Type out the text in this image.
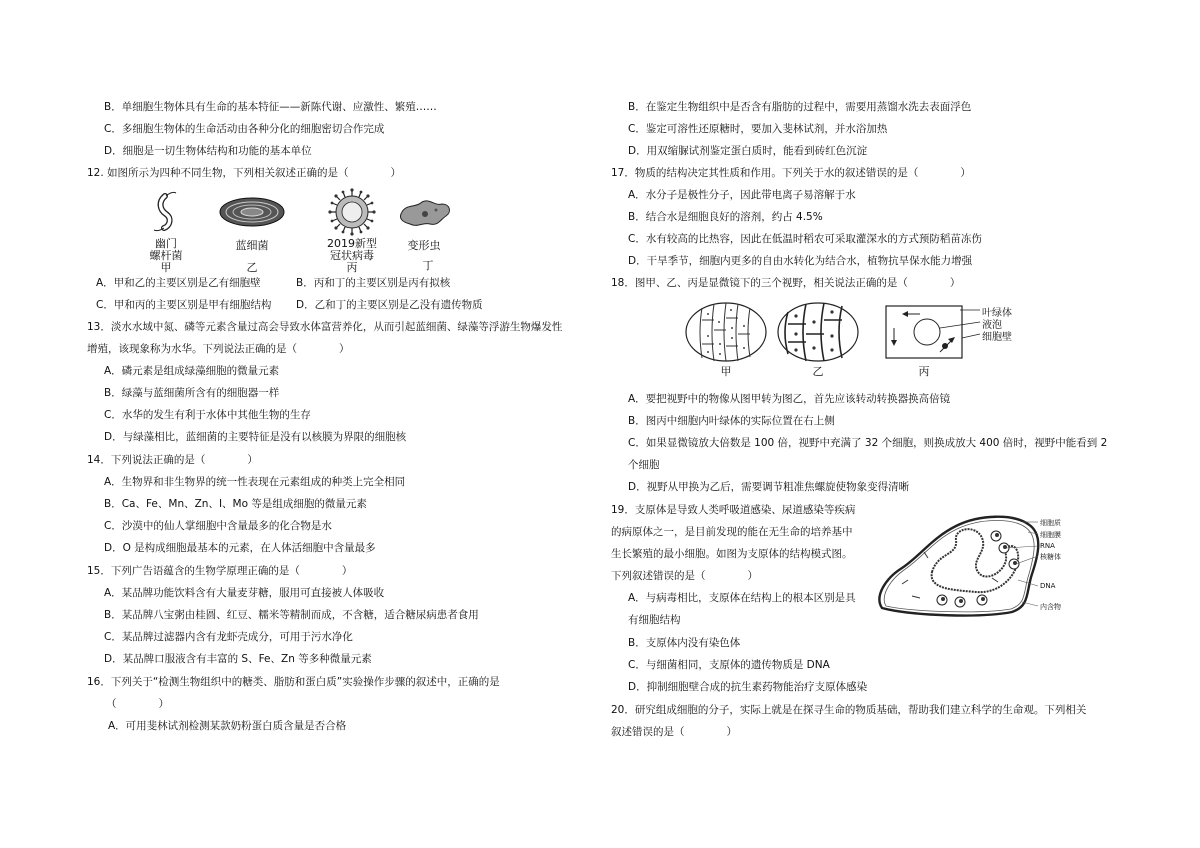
B．单细胞生物体具有生命的基本特征——新陈代谢、应激性、繁殖……
C．多细胞生物体的生命活动由各种分化的细胞密切合作完成
D．细胞是一切生物体结构和功能的基本单位
12. 如图所示为四种不同生物，下列相关叙述正确的是（　　　　）
幽门
螺杆菌
甲
蓝细菌
乙
2019新型
冠状病毒
丙
变形虫
丁
A．甲和乙的主要区别是乙有细胞壁	B．丙和丁的主要区别是丙有拟核
C．甲和丙的主要区别是甲有细胞结构 D．乙和丁的主要区别是乙没有遗传物质
13．淡水水域中氮、磷等元素含量过高会导致水体富营养化，从而引起蓝细菌、绿藻等浮游生物爆发性
增殖，该现象称为水华。下列说法正确的是（　　　　）
A．磷元素是组成绿藻细胞的微量元素
B．绿藻与蓝细菌所含有的细胞器一样
C．水华的发生有利于水体中其他生物的生存
D．与绿藻相比，蓝细菌的主要特征是没有以核膜为界限的细胞核
14．下列说法正确的是（　　　　）
A．生物界和非生物界的统一性表现在元素组成的种类上完全相同
B．Ca、Fe、Mn、Zn、I、Mo 等是组成细胞的微量元素
C．沙漠中的仙人掌细胞中含量最多的化合物是水
D．O 是构成细胞最基本的元素，在人体活细胞中含量最多
15．下列广告语蕴含的生物学原理正确的是（　　　　）
A．某品牌功能饮料含有大量麦芽糖，服用可直接被人体吸收
B．某品牌八宝粥由桂圆、红豆、糯米等精制而成，不含糖，适合糖尿病患者食用
C．某品牌过滤器内含有龙虾壳成分，可用于污水净化
D．某品牌口服液含有丰富的 S、Fe、Zn 等多种微量元素
16．下列关于“检测生物组织中的糖类、脂肪和蛋白质”实验操作步骤的叙述中，正确的是
（　　　　）
A．可用斐林试剂检测某款奶粉蛋白质含量是否合格
B．在鉴定生物组织中是否含有脂肪的过程中，需要用蒸馏水洗去表面浮色
C．鉴定可溶性还原糖时，要加入斐林试剂，并水浴加热
D．用双缩脲试剂鉴定蛋白质时，能看到砖红色沉淀
17．物质的结构决定其性质和作用。下列关于水的叙述错误的是（　　　　）
A．水分子是极性分子，因此带电离子易溶解于水
B．结合水是细胞良好的溶剂，约占 4.5%
C．水有较高的比热容，因此在低温时稻农可采取灌深水的方式预防稻苗冻伤
D．干旱季节，细胞内更多的自由水转化为结合水，植物抗旱保水能力增强
18．图甲、乙、丙是显微镜下的三个视野，相关说法正确的是（　　　　）
叶绿体
液泡
细胞壁
甲	乙	丙
A．要把视野中的物像从图甲转为图乙，首先应该转动转换器换高倍镜
B．图丙中细胞内叶绿体的实际位置在右上侧
C．如果显微镜放大倍数是 100 倍，视野中充满了 32 个细胞，则换成放大 400 倍时，视野中能看到 2
个细胞
D．视野从甲换为乙后，需要调节粗准焦螺旋使物象变得清晰
19．支原体是导致人类呼吸道感染、尿道感染等疾病
的病原体之一，是目前发现的能在无生命的培养基中
生长繁殖的最小细胞。如图为支原体的结构模式图。
下列叙述错误的是（　　　　）
A．与病毒相比，支原体在结构上的根本区别是具
有细胞结构
B．支原体内没有染色体
C．与细菌相同，支原体的遗传物质是 DNA
D．抑制细胞壁合成的抗生素药物能治疗支原体感染
细胞质
细胞膜
RNA
核糖体
DNA
内含物
20．研究组成细胞的分子，实际上就是在探寻生命的物质基础，帮助我们建立科学的生命观。下列相关
叙述错误的是（　　　　）
